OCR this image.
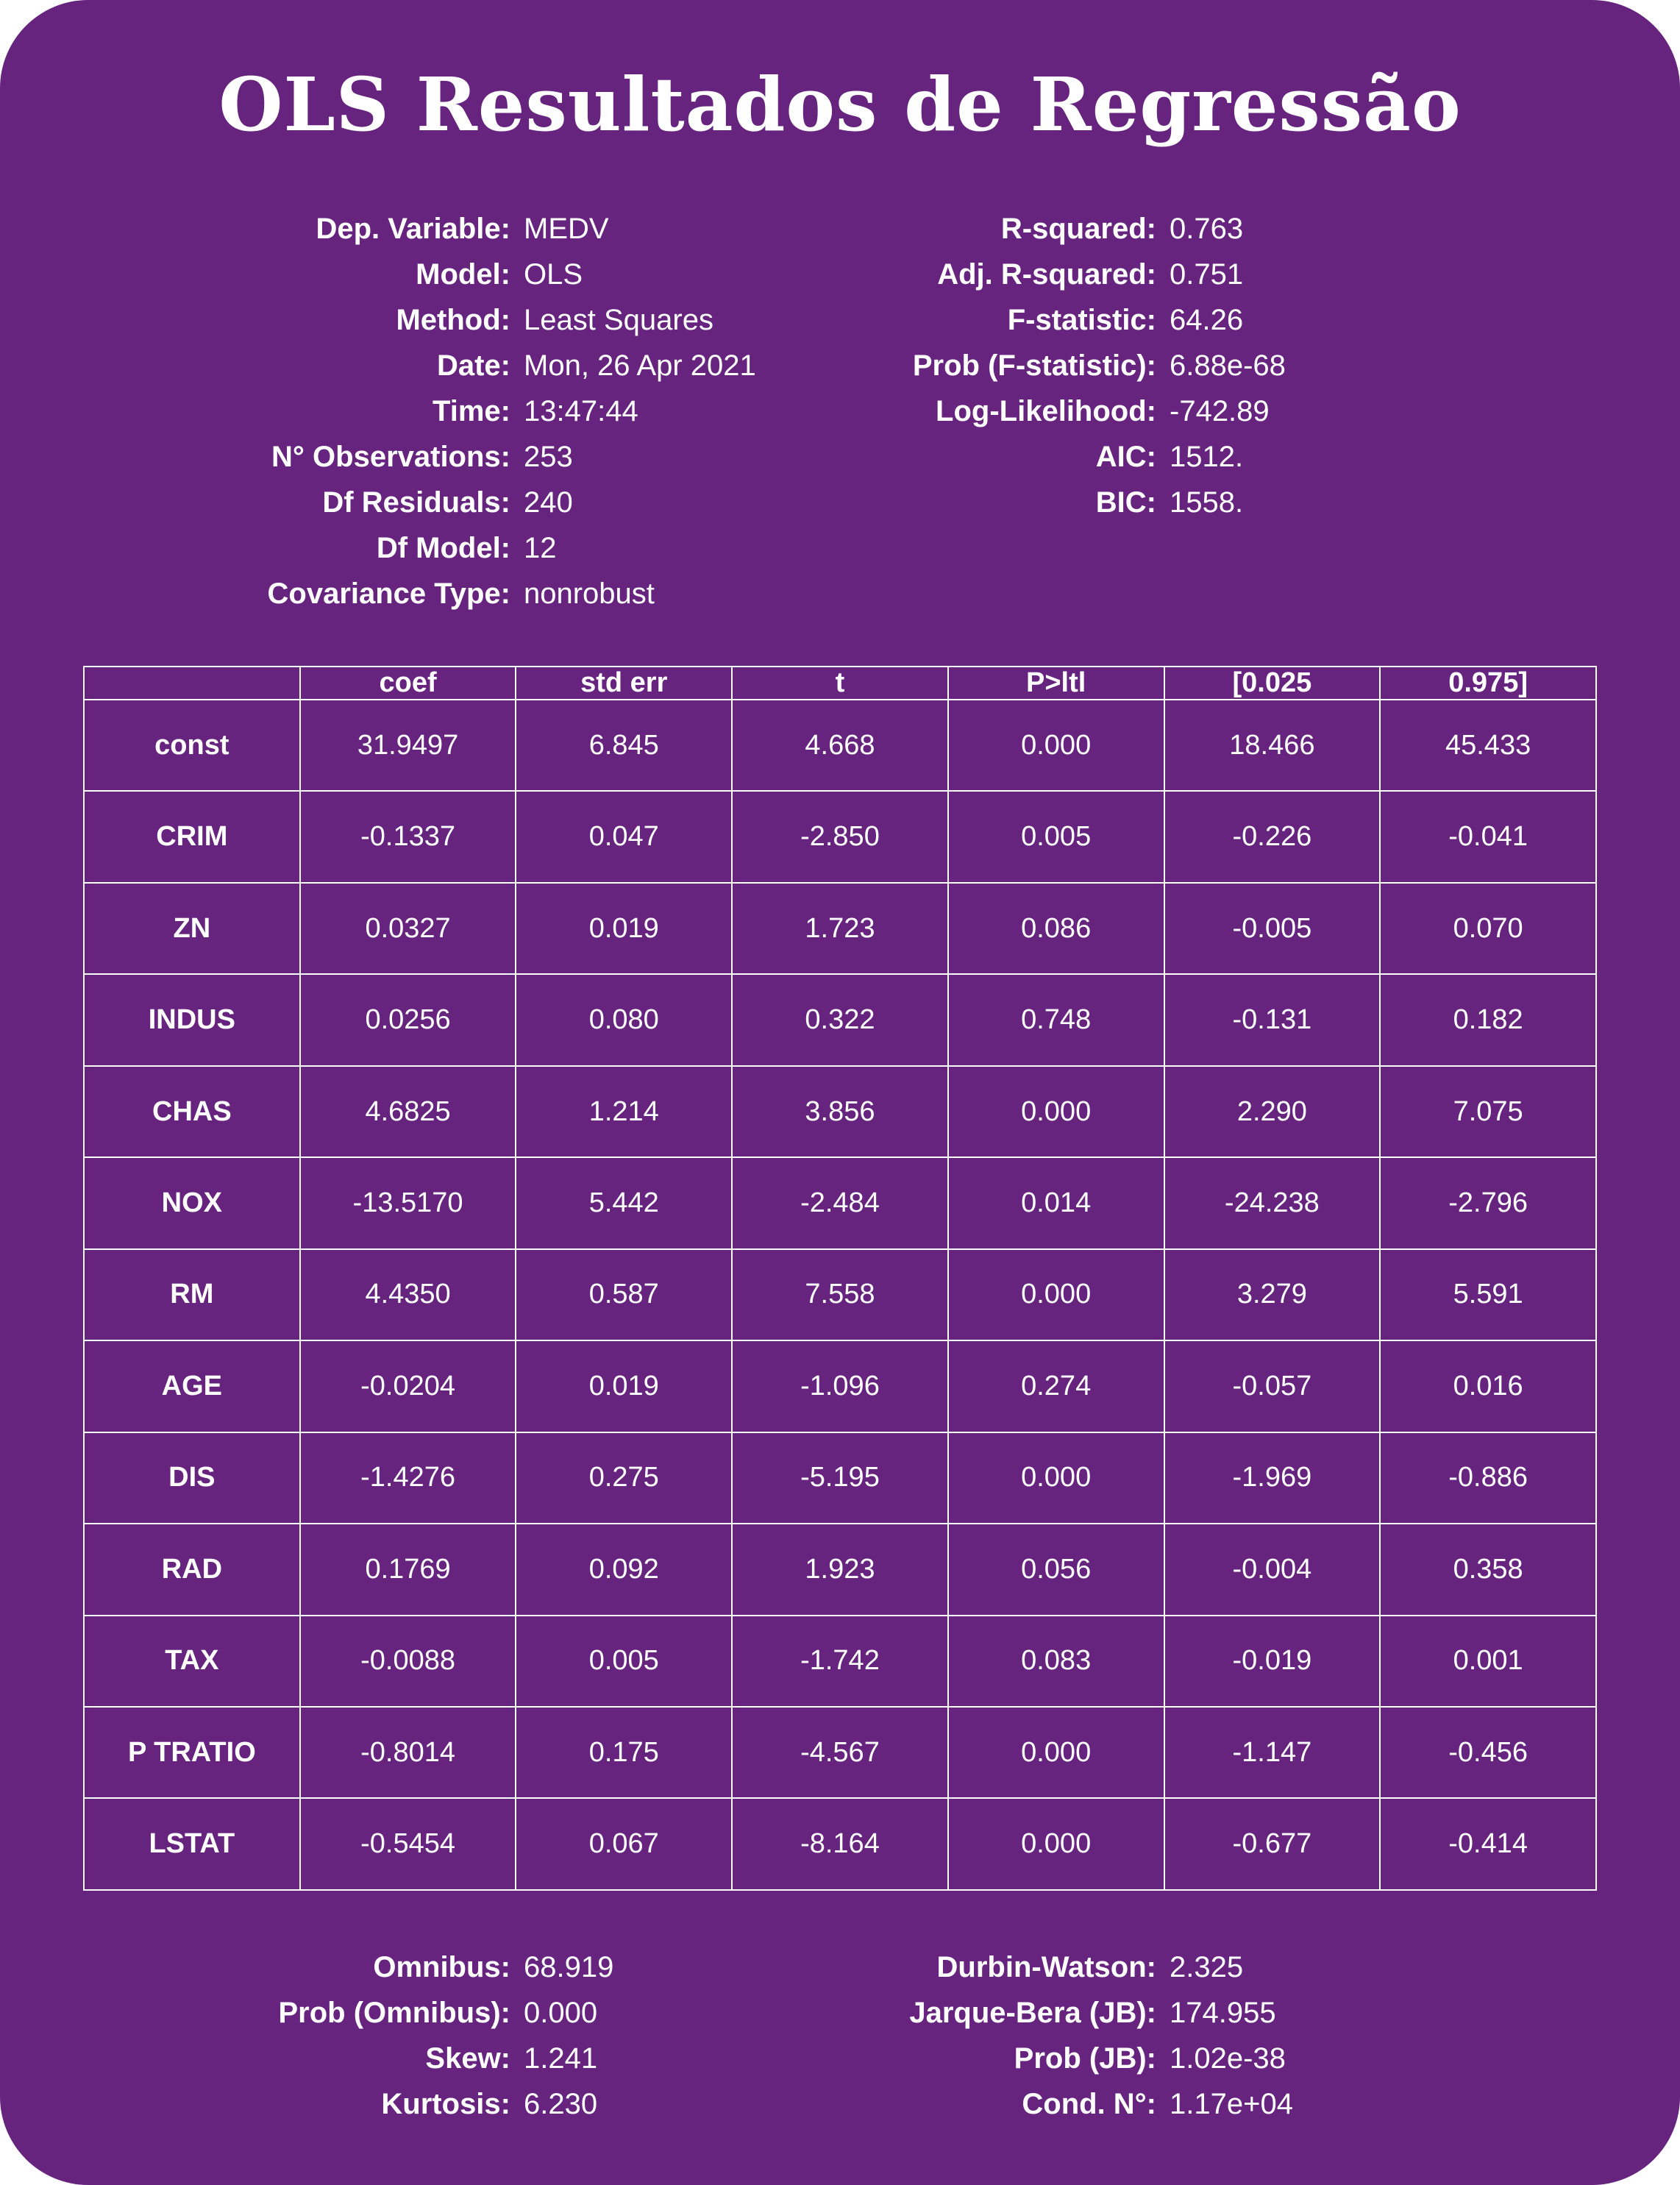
OLS Resultados de Regressão
Dep. Variable: MEDV
Model: OLS
Method: Least Squares
Date: Mon, 26 Apr 2021
Time: 13:47:44
N° Observations: 253
Df Residuals: 240
Df Model: 12
Covariance Type: nonrobust
R-squared: 0.763
Adj. R-squared: 0.751
F-statistic: 64.26
Prob (F-statistic): 6.88e-68
Log-Likelihood: -742.89
AIC: 1512.
BIC: 1558.
	coef	std err	t	P>ltl	[0.025	0.975]
const	31.9497	6.845	4.668	0.000	18.466	45.433
CRIM	-0.1337	0.047	-2.850	0.005	-0.226	-0.041
ZN	0.0327	0.019	1.723	0.086	-0.005	0.070
INDUS	0.0256	0.080	0.322	0.748	-0.131	0.182
CHAS	4.6825	1.214	3.856	0.000	2.290	7.075
NOX	-13.5170	5.442	-2.484	0.014	-24.238	-2.796
RM	4.4350	0.587	7.558	0.000	3.279	5.591
AGE	-0.0204	0.019	-1.096	0.274	-0.057	0.016
DIS	-1.4276	0.275	-5.195	0.000	-1.969	-0.886
RAD	0.1769	0.092	1.923	0.056	-0.004	0.358
TAX	-0.0088	0.005	-1.742	0.083	-0.019	0.001
P TRATIO	-0.8014	0.175	-4.567	0.000	-1.147	-0.456
LSTAT	-0.5454	0.067	-8.164	0.000	-0.677	-0.414
Omnibus: 68.919
Prob (Omnibus): 0.000
Skew: 1.241
Kurtosis: 6.230
Durbin-Watson: 2.325
Jarque-Bera (JB): 174.955
Prob (JB): 1.02e-38
Cond. N°: 1.17e+04
